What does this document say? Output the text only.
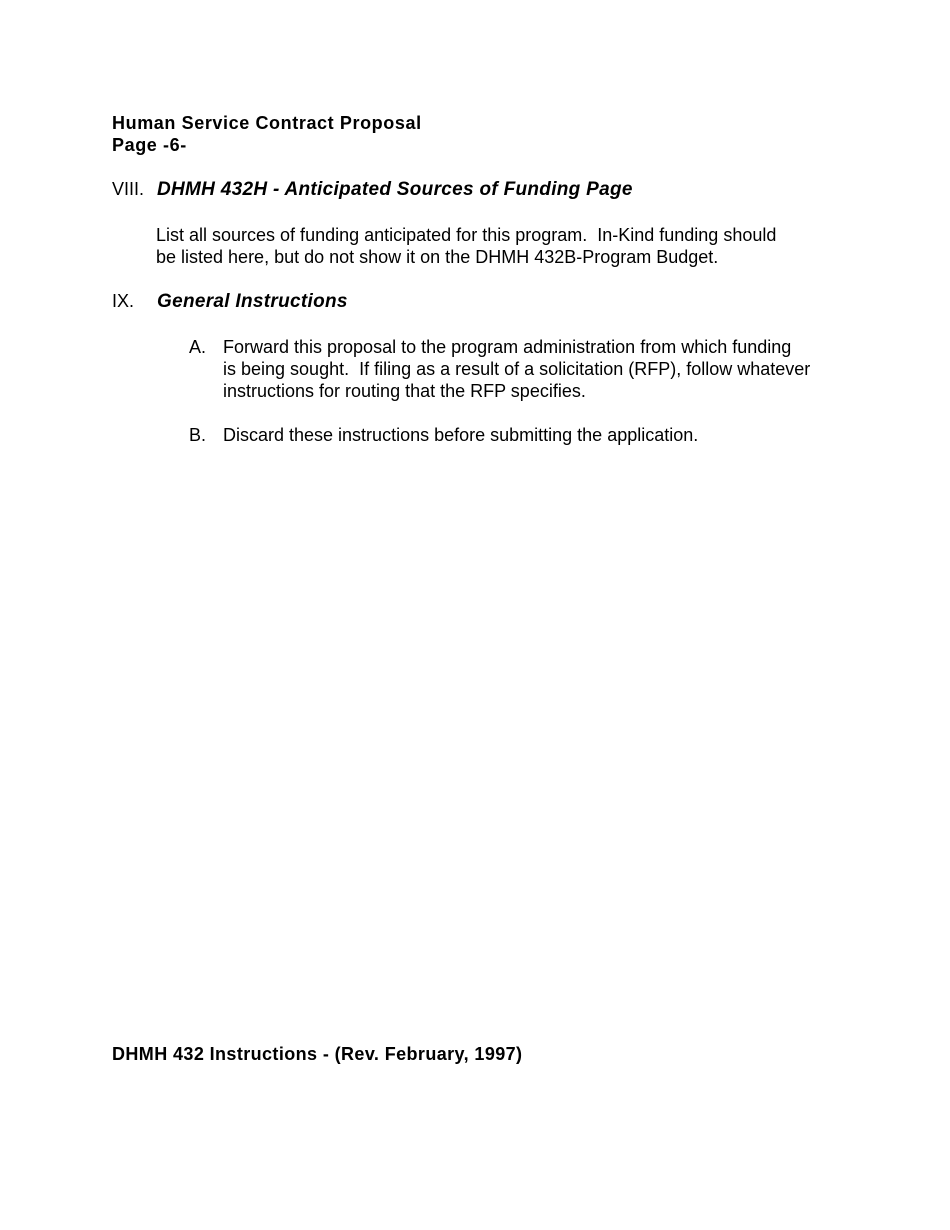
Human Service Contract Proposal
Page -6-
VIII. DHMH 432H - Anticipated Sources of Funding Page
List all sources of funding anticipated for this program.  In-Kind funding should
be listed here, but do not show it on the DHMH 432B-Program Budget.
IX. General Instructions
A. Forward this proposal to the program administration from which funding
is being sought.  If filing as a result of a solicitation (RFP), follow whatever
instructions for routing that the RFP specifies.
B. Discard these instructions before submitting the application.
DHMH 432 Instructions - (Rev. February, 1997)
